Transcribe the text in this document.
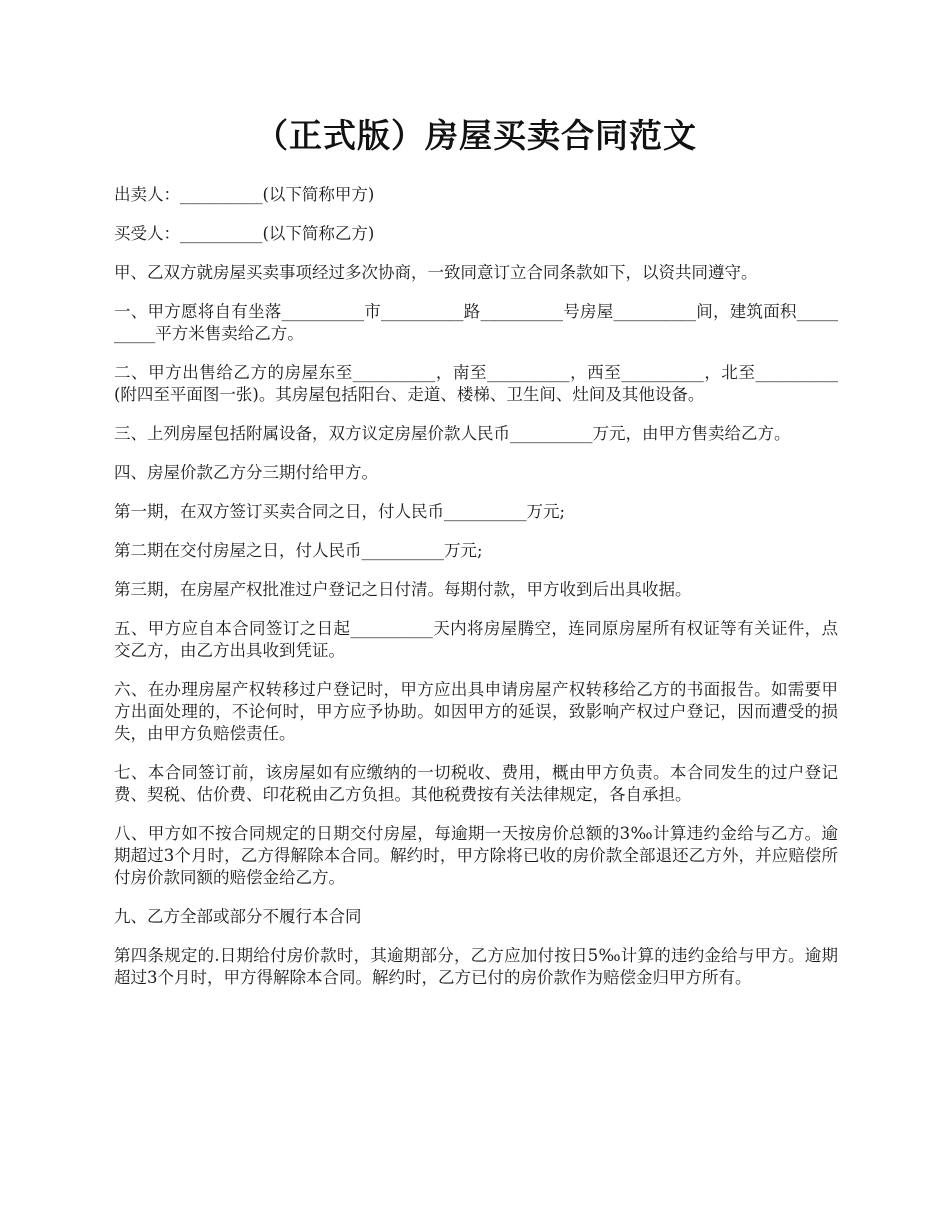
（正式版）房屋买卖合同范文

出卖人：__________(以下简称甲方)

买受人：__________(以下简称乙方)

甲、乙双方就房屋买卖事项经过多次协商，一致同意订立合同条款如下，以资共同遵守。

一、甲方愿将自有坐落__________市__________路__________号房屋__________间，建筑面积__________平方米售卖给乙方。

二、甲方出售给乙方的房屋东至__________，南至__________，西至__________，北至__________(附四至平面图一张)。其房屋包括阳台、走道、楼梯、卫生间、灶间及其他设备。

三、上列房屋包括附属设备，双方议定房屋价款人民币__________万元，由甲方售卖给乙方。

四、房屋价款乙方分三期付给甲方。

第一期，在双方签订买卖合同之日，付人民币__________万元;

第二期在交付房屋之日，付人民币__________万元;

第三期，在房屋产权批准过户登记之日付清。每期付款，甲方收到后出具收据。

五、甲方应自本合同签订之日起__________天内将房屋腾空，连同原房屋所有权证等有关证件，点交乙方，由乙方出具收到凭证。

六、在办理房屋产权转移过户登记时，甲方应出具申请房屋产权转移给乙方的书面报告。如需要甲方出面处理的，不论何时，甲方应予协助。如因甲方的延误，致影响产权过户登记，因而遭受的损失，由甲方负赔偿责任。

七、本合同签订前，该房屋如有应缴纳的一切税收、费用，概由甲方负责。本合同发生的过户登记费、契税、估价费、印花税由乙方负担。其他税费按有关法律规定，各自承担。

八、甲方如不按合同规定的日期交付房屋，每逾期一天按房价总额的3‰计算违约金给与乙方。逾期超过3个月时，乙方得解除本合同。解约时，甲方除将已收的房价款全部退还乙方外，并应赔偿所付房价款同额的赔偿金给乙方。

九、乙方全部或部分不履行本合同

第四条规定的.日期给付房价款时，其逾期部分，乙方应加付按日5‰计算的违约金给与甲方。逾期超过3个月时，甲方得解除本合同。解约时，乙方已付的房价款作为赔偿金归甲方所有。
